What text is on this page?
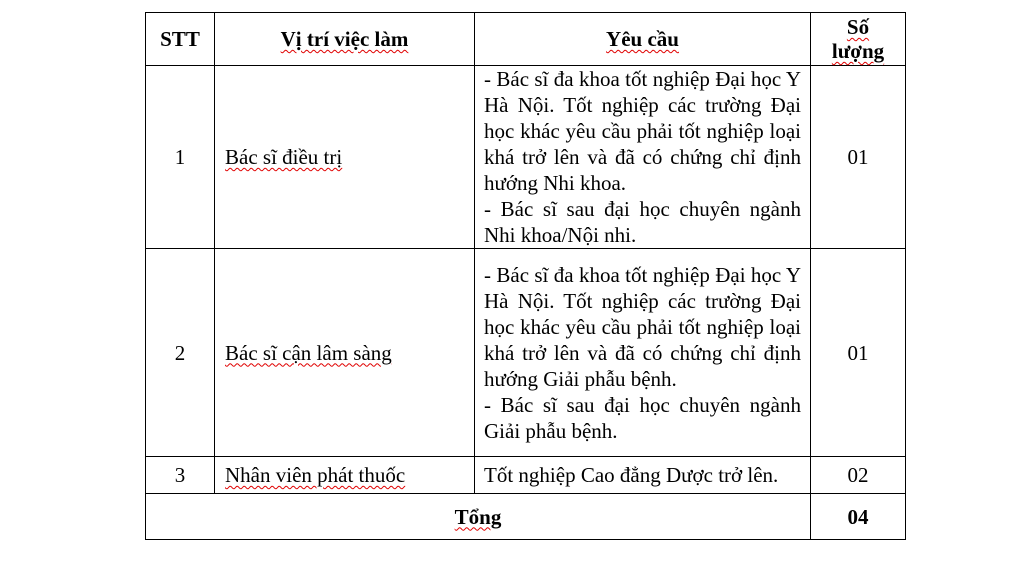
STT	Vị trí việc làm	Yêu cầu	Số
lượng

1	Bác sĩ điều trị	- Bác sĩ đa khoa tốt nghiệp Đại học Y Hà Nội. Tốt nghiệp các trường Đại học khác yêu cầu phải tốt nghiệp loại khá trở lên và đã có chứng chỉ định hướng Nhi khoa.
- Bác sĩ sau đại học chuyên ngành Nhi khoa/Nội nhi.	01
2	Bác sĩ cận lâm sàng	- Bác sĩ đa khoa tốt nghiệp Đại học Y Hà Nội. Tốt nghiệp các trường Đại học khác yêu cầu phải tốt nghiệp loại khá trở lên và đã có chứng chỉ định hướng Giải phẫu bệnh.
- Bác sĩ sau đại học chuyên ngành Giải phẫu bệnh.	01
3	Nhân viên phát thuốc	Tốt nghiệp Cao đẳng Dược trở lên.	02
Tổng			04
